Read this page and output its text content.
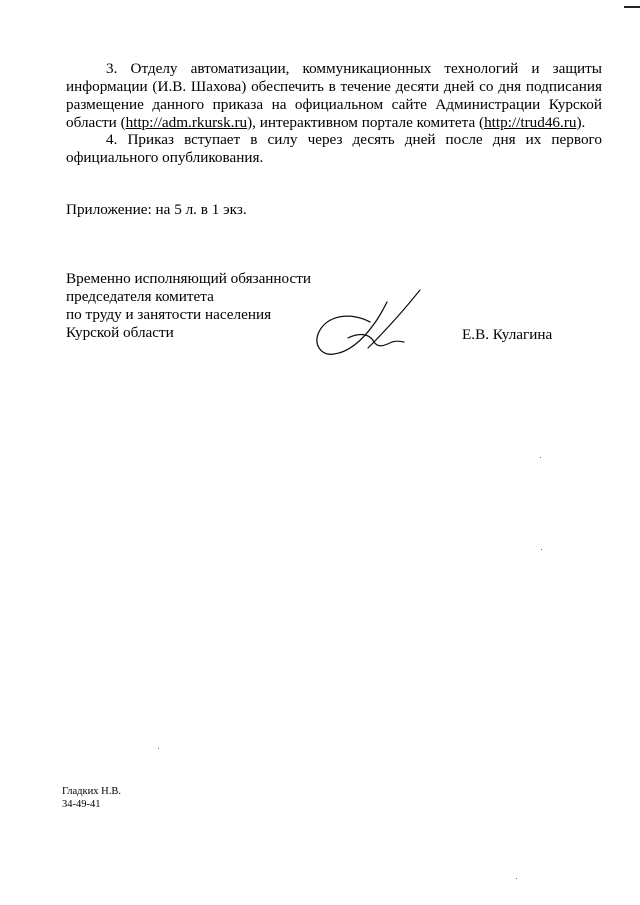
3. Отделу автоматизации, коммуникационных технологий и защиты информации (И.В. Шахова) обеспечить в течение десяти дней со дня подписания размещение данного приказа на официальном сайте Администрации Курской области (http://adm.rkursk.ru), интерактивном портале комитета (http://trud46.ru).
4. Приказ вступает в силу через десять дней после дня их первого официального опубликования.
Приложение: на 5 л. в 1 экз.
Временно исполняющий обязанности
председателя комитета
по труду и занятости населения
Курской области	Е.В. Кулагина
Гладких Н.В.
34-49-41
